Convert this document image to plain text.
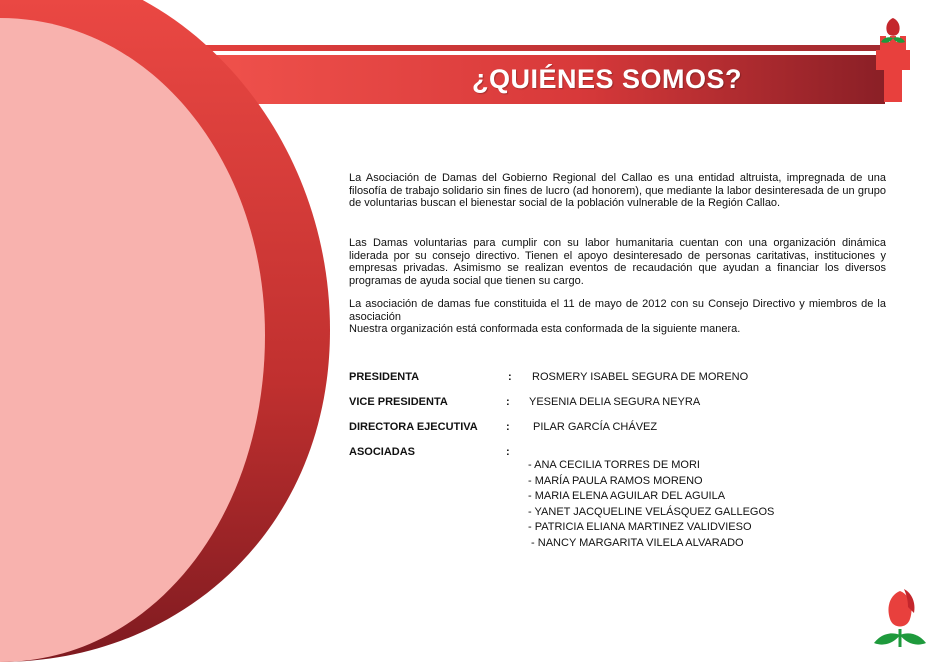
¿QUIÉNES SOMOS?

La Asociación de Damas del Gobierno Regional del Callao es una entidad altruista, impregnada de una filosofía de trabajo solidario sin fines de lucro (ad honorem), que mediante la labor desinteresada de un grupo de voluntarias buscan el bienestar social de la población vulnerable de la Región Callao.

Las Damas voluntarias para cumplir con su labor humanitaria cuentan con una organización dinámica liderada por su consejo directivo. Tienen el apoyo desinteresado de personas caritativas, instituciones y empresas privadas. Asimismo se realizan eventos de recaudación que ayudan a financiar los diversos programas de ayuda social que tienen su cargo.

La asociación de damas fue constituida el 11 de mayo de 2012 con su Consejo Directivo y miembros de la asociación

Nuestra organización está conformada esta conformada de la siguiente manera.

PRESIDENTA	: ROSMERY ISABEL SEGURA DE MORENO
VICE PRESIDENTA	: YESENIA DELIA SEGURA NEYRA
DIRECTORA EJECUTIVA	: PILAR GARCÍA CHÁVEZ
ASOCIADAS	:
- ANA CECILIA TORRES DE MORI
- MARÍA PAULA RAMOS MORENO
- MARIA ELENA AGUILAR DEL AGUILA
- YANET JACQUELINE VELÁSQUEZ GALLEGOS
- PATRICIA ELIANA MARTINEZ VALIDVIESO
- NANCY MARGARITA VILELA ALVARADO
